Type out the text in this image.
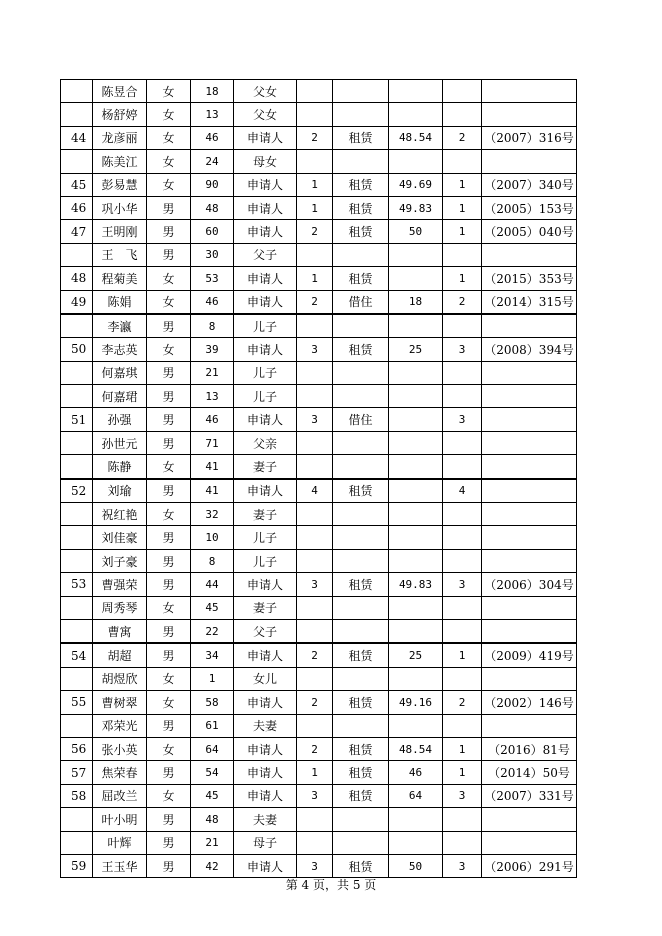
	陈昱合	女	18	父女					
	杨舒婷	女	13	父女					
44	龙彦丽	女	46	申请人	2	租赁	48.54	2	（2007）316号
	陈美江	女	24	母女					
45	彭易慧	女	90	申请人	1	租赁	49.69	1	（2007）340号
46	巩小华	男	48	申请人	1	租赁	49.83	1	（2005）153号
47	王明刚	男	60	申请人	2	租赁	50	1	（2005）040号
	王　飞	男	30	父子					
48	程菊美	女	53	申请人	1	租赁		1	（2015）353号
49	陈娟	女	46	申请人	2	借住	18	2	（2014）315号
	李瀛	男	8	儿子					
50	李志英	女	39	申请人	3	租赁	25	3	（2008）394号
	何嘉琪	男	21	儿子					
	何嘉珺	男	13	儿子					
51	孙强	男	46	申请人	3	借住		3	
	孙世元	男	71	父亲					
	陈静	女	41	妻子					
52	刘瑜	男	41	申请人	4	租赁		4	
	祝红艳	女	32	妻子					
	刘佳豪	男	10	儿子					
	刘子豪	男	8	儿子					
53	曹强荣	男	44	申请人	3	租赁	49.83	3	（2006）304号
	周秀琴	女	45	妻子					
	曹寓	男	22	父子					
54	胡超	男	34	申请人	2	租赁	25	1	（2009）419号
	胡煜欣	女	1	女儿					
55	曹树翠	女	58	申请人	2	租赁	49.16	2	（2002）146号
	邓荣光	男	61	夫妻					
56	张小英	女	64	申请人	2	租赁	48.54	1	（2016）81号
57	焦荣春	男	54	申请人	1	租赁	46	1	（2014）50号
58	屈改兰	女	45	申请人	3	租赁	64	3	（2007）331号
	叶小明	男	48	夫妻					
	叶辉	男	21	母子					
59	王玉华	男	42	申请人	3	租赁	50	3	（2006）291号
第 4 页，共 5 页
